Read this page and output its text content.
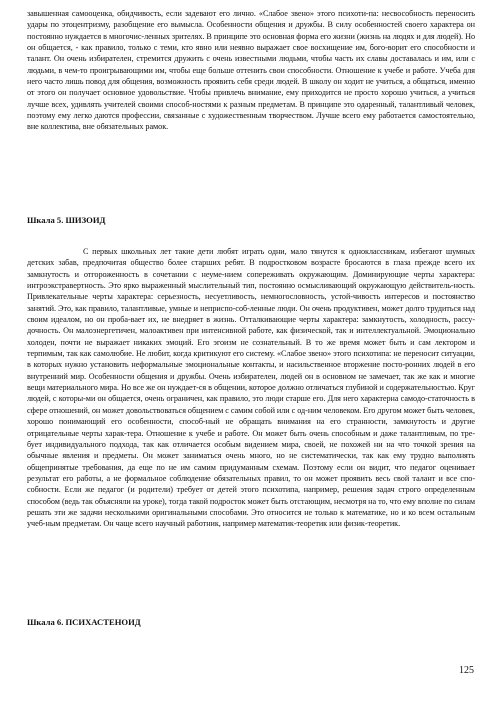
завышенная самооценка, обидчивость, если задевают его лично. «Слабое звено» этого психоти-па: несвособность переносить удары по этоцентризму, разобщение его вымысла. Особенности общения и дружбы. В силу особенностей своего характера он постоянно нуждается в многочис-ленных зрителях. В принципе это основная форма его жизни (жизнь на людях и для людей). Но он общается, - как правило, только с теми, кто явно или неявно выражает свое восхищение им, бого-ворит его способности и талант. Он очень избирателен, стремится дружить с очень известными людьми, чтобы часть их славы доставалась и им, или с людьми, в чем-то проигрывающими им, чтобы еще больше оттенить свои способности. Отношение к учебе и работе. Учеба для него часто лишь повод для общения, возможность проявить себя среди людей. В школу он ходит не учиться, а общаться, именно от этого он получает основное удовольствие. Чтобы привлечь внимание, ему приходится не просто хорошо учиться, а учиться лучше всех, удивлять учителей своими способ-ностями к разным предметам. В принципе это одаренный, талантливый человек, поэтому ему легко даются профессии, связанные с художественным творчеством. Лучше всего ему работается самостоятельно, вне коллектива, вне обязательных рамок.

Шкала 5. ШИЗОИД

С первых школьных лет такие дети любят играть одни, мало тянутся к одноклассникам, избегают шумных детских забав, предпочитая общество более старших ребят. В подростковом возрасте бросаются в глаза прежде всего их замкнутость и отгороженность в сочетании с неуме-нием сопереживать окружающим. Доминирующие черты характера: интроэкстравертность. Это ярко выраженный мыслительный тип, постоянно осмысливающий окружающую действитель-ность. Привлекательные черты характера: серьезность, несуетливость, немногословность, устой-чивость интересов и постоянство занятий. Это, как правило, талантливые, умные и неприспо-соб-ленные люди. Он очень продуктивен, может долго трудиться над своим идеалом, но он проба-вает их, не внедряет в жизнь. Отталкивающие черты характера: замкнутость, холодность, рассу-дочность. Он малоэнергетичен, малоактивен при интенсивной работе, как физической, так и интеллектуальной. Эмоционально холоден, почти не выражает никаких эмоций. Его эгоизм не сознательный. В то же время может быть и сам лектором и терпимым, так как самолюбие. Не любит, когда критикуют его систему. «Слабое звено» этого психотипа: не переносит ситуации, в которых нужно установить неформальные эмоциональные контакты, и насильственное вторжение посто-ронних людей в его внутренний мир. Особенности общения и дружбы. Очень избирателен, людей он в основном не замечает, так же как и многие вещи материального мира. Но все же он нуждает-ся в общении, которое должно отличаться глубиной и содержательностью. Круг людей, с которы-ми он общается, очень ограничен, как правило, это люди старше его. Для него характерна самодо-статочность в сфере отношений, он может довольствоваться общением с самим собой или с од-ним человеком. Его другом может быть человек, хорошо понимающий его особенности, способ-ный не обращать внимания на его странности, замкнутость и другие отрицательные черты харак-тера. Отношение к учебе и работе. Он может быть очень способным и даже талантливым, по тре-бует индивидуального подхода, так как отличается особым видением мира, своей, не похожей ни на что точкой зрения на обычные явления и предметы. Он может заниматься очень много, но не систематически, так как ему трудно выполнять общепринятые требования, да еще по не им самим придуманным схемам. Поэтому если он видит, что педагог оценивает результат его работы, а не формальное соблюдение обязательных правил, то он может проявить весь свой талант и все спо-собности. Если же педагог (и родители) требует от детей этого психотипа, например, решения задач строго определенным способом (ведь так объясняли на уроке), тогда такой подросток может быть отстающим, несмотря на то, что ему вполне по силам решать эти же задачи несколькими оригинальными способами. Это относится не только к математике, но и ко всем остальным учеб-ным предметам. Он чаще всего научный работник, например математик-теоретик или физик-теоретик.

Шкала 6. ПСИХАСТЕНОИД

125
